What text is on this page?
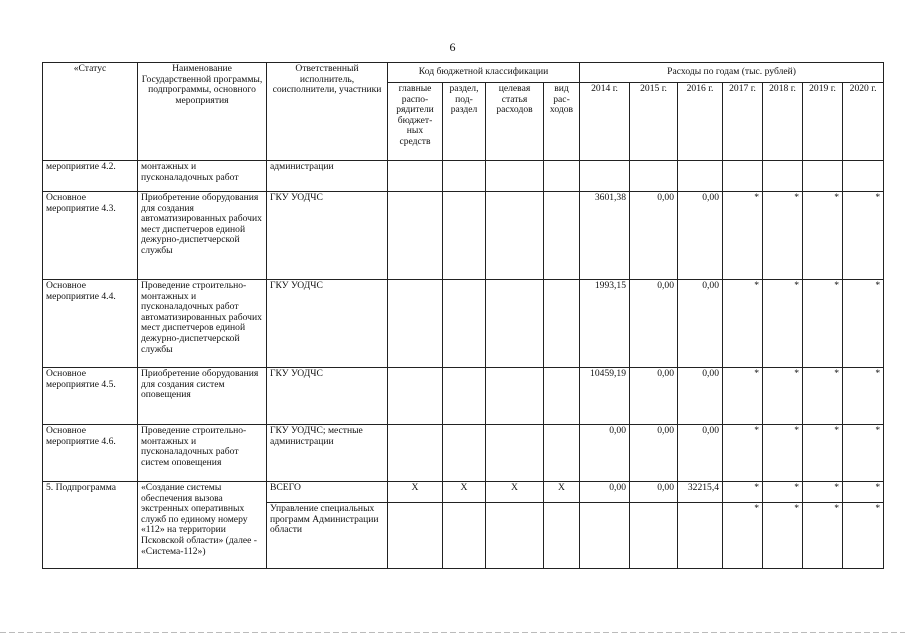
6
«Статус	Наименование Государственной программы, подпрограммы, основного мероприятия	Ответственный исполнитель, соисполнители, участники	Код бюджетной классификации				Расходы по годам (тыс. рублей)						
			главные распо-рядители бюджет-ных средств	раздел, под-раздел	целевая статья расходов	вид рас-ходов	2014 г.	2015 г.	2016 г.	2017 г.	2018 г.	2019 г.	2020 г.
мероприятие 4.2.	монтажных и пусконаладочных работ	администрации											
Основное мероприятие 4.3.	Приобретение оборудования для создания автоматизированных рабочих мест диспетчеров единой дежурно-диспетчерской службы	ГКУ УОДЧС					3601,38	0,00	0,00	*	*	*	*
Основное мероприятие 4.4.	Проведение строительно-монтажных и пусконаладочных работ автоматизированных рабочих мест диспетчеров единой дежурно-диспетчерской службы	ГКУ УОДЧС					1993,15	0,00	0,00	*	*	*	*
Основное мероприятие 4.5.	Приобретение оборудования для создания систем оповещения	ГКУ УОДЧС					10459,19	0,00	0,00	*	*	*	*
Основное мероприятие 4.6.	Проведение строительно-монтажных и пусконаладочных работ систем оповещения	ГКУ УОДЧС; местные администрации					0,00	0,00	0,00	*	*	*	*
5. Подпрограмма	«Создание системы обеспечения вызова экстренных оперативных служб по единому номеру «112» на территории Псковской области» (далее - «Система-112»)	ВСЕГО	X	X	X	X	0,00	0,00	32215,4	*	*	*	*
		Управление специальных программ Администрации области								*	*	*	*
